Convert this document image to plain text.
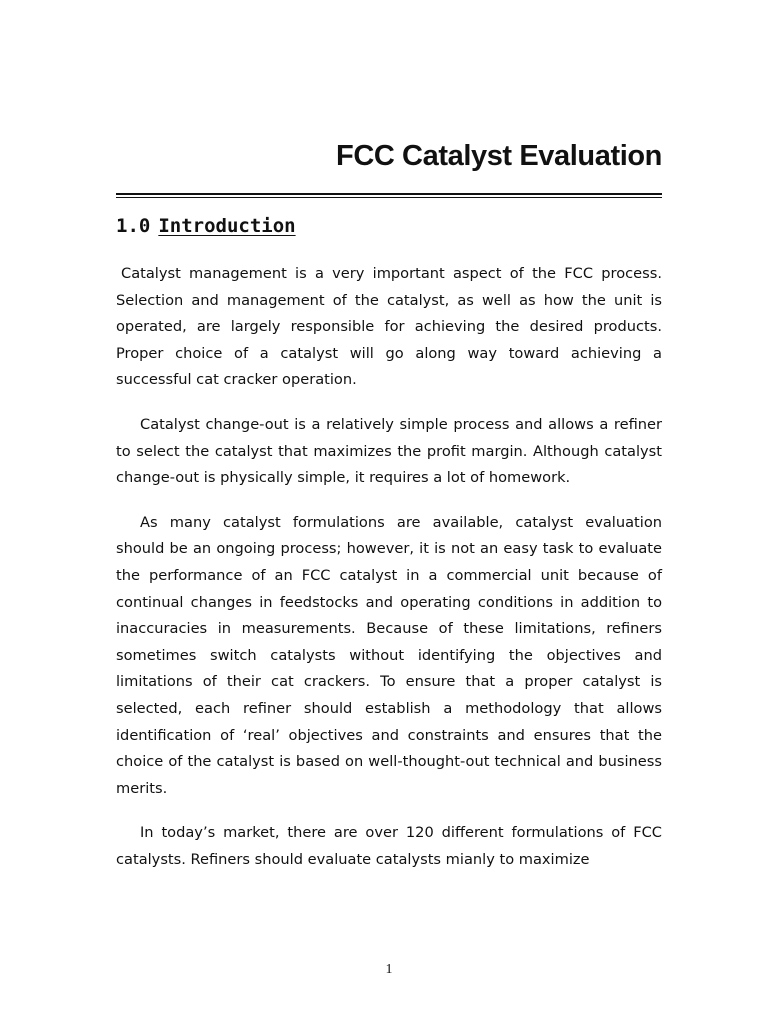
FCC Catalyst Evaluation
1.0 Introduction

Catalyst management is a very important aspect of the FCC process. Selection and management of the catalyst, as well as how the unit is operated, are largely responsible for achieving the desired products. Proper choice of a catalyst will go along way toward achieving a successful cat cracker operation.

Catalyst change-out is a relatively simple process and allows a refiner to select the catalyst that maximizes the profit margin. Although catalyst change-out is physically simple, it requires a lot of homework.

As many catalyst formulations are available, catalyst evaluation should be an ongoing process; however, it is not an easy task to evaluate the performance of an FCC catalyst in a commercial unit because of continual changes in feedstocks and operating conditions in addition to inaccuracies in measurements. Because of these limitations, refiners sometimes switch catalysts without identifying the objectives and limitations of their cat crackers. To ensure that a proper catalyst is selected, each refiner should establish a methodology that allows identification of ‘real’ objectives and constraints and ensures that the choice of the catalyst is based on well-thought-out technical and business merits.

In today’s market, there are over 120 different formulations of FCC catalysts. Refiners should evaluate catalysts mianly to maximize

1
